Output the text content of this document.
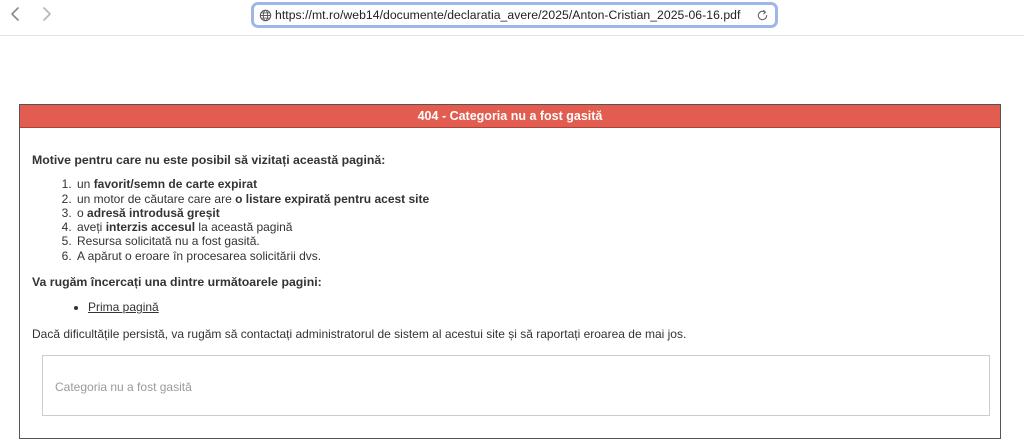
https://mt.ro/web14/documente/declaratia_avere/2025/Anton-Cristian_2025-06-16.pdf
404 - Categoria nu a fost gasită
Motive pentru care nu este posibil să vizitați această pagină:
1. un favorit/semn de carte expirat
2. un motor de căutare care are o listare expirată pentru acest site
3. o adresă introdusă greșit
4. aveți interzis accesul la această pagină
5. Resursa solicitată nu a fost gasită.
6. A apărut o eroare în procesarea solicitării dvs.
Va rugăm încercați una dintre următoarele pagini:
• Prima pagină
Dacă dificultățile persistă, va rugăm să contactați administratorul de sistem al acestui site și să raportați eroarea de mai jos.
Categoria nu a fost gasită
